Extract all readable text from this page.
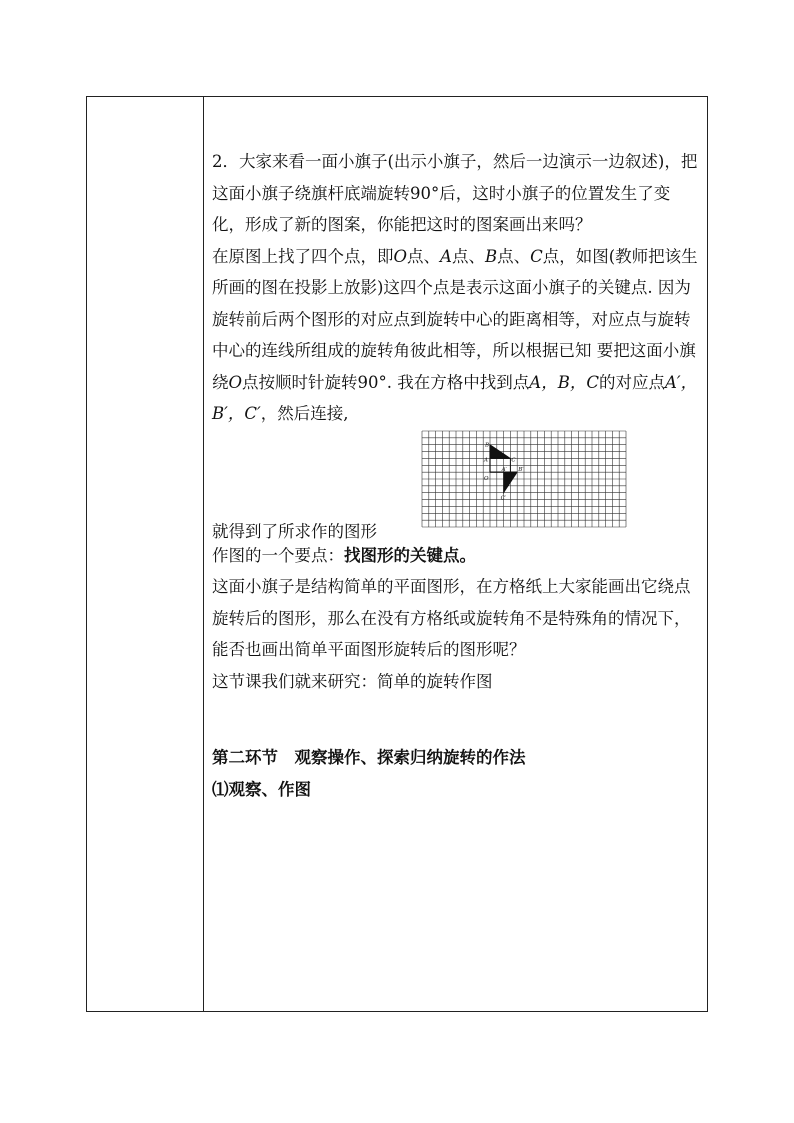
2．大家来看一面小旗子(出示小旗子，然后一边演示一边叙述)，把这面小旗子绕旗杆底端旋转90°后，这时小旗子的位置发生了变化，形成了新的图案，你能把这时的图案画出来吗？

在原图上找了四个点，即O点、A点、B点、C点，如图(教师把该生所画的图在投影上放影)这四个点是表示这面小旗子的关键点. 因为旋转前后两个图形的对应点到旋转中心的距离相等，对应点与旋转中心的连线所组成的旋转角彼此相等，所以根据已知 要把这面小旗绕O点按顺时针旋转90°. 我在方格中找到点A，B，C的对应点A′，B′，C′，然后连接,

就得到了所求作的图形
B
A
O
C
A′ B′
C′

作图的一个要点：找图形的关键点。

这面小旗子是结构简单的平面图形，在方格纸上大家能画出它绕点旋转后的图形，那么在没有方格纸或旋转角不是特殊角的情况下，能否也画出简单平面图形旋转后的图形呢？

这节课我们就来研究：简单的旋转作图

第二环节　观察操作、探索归纳旋转的作法

⑴观察、作图
